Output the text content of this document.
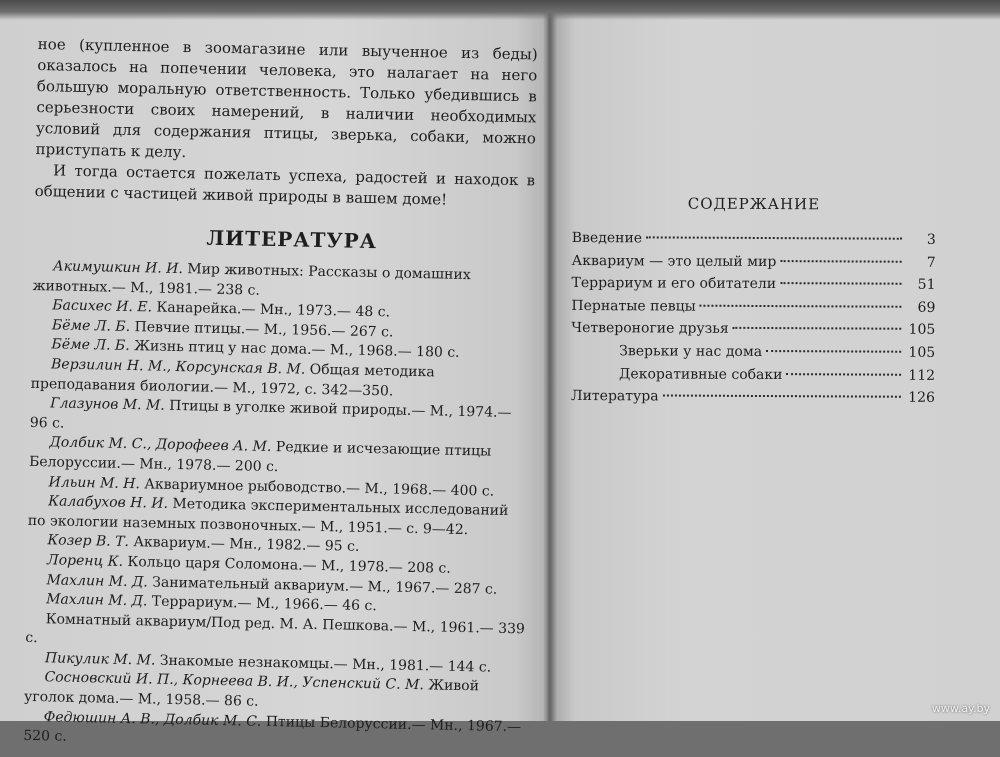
ное (купленное в зоомагазине или выученное из беды) оказалось на попечении человека, это налагает на него большую моральную ответственность. Только убедившись в серьезности своих намерений, в наличии необходимых условий для содержания птицы, зверька, собаки, можно приступать к делу.

И тогда остается пожелать успеха, радостей и находок в общении с частицей живой природы в вашем доме!

ЛИТЕРАТУРА
Акимушкин И. И. Мир животных: Рассказы о домашних животных.— М., 1981.— 238 с.
Басихес И. Е. Канарейка.— Мн., 1973.— 48 с.
Бёме Л. Б. Певчие птицы.— М., 1956.— 267 с.
Бёме Л. Б. Жизнь птиц у нас дома.— М., 1968.— 180 с.
Верзилин Н. М., Корсунская В. М. Общая методика преподавания биологии.— М., 1972, с. 342—350.
Глазунов М. М. Птицы в уголке живой природы.— М., 1974.— 96 с.
Долбик М. С., Дорофеев А. М. Редкие и исчезающие птицы Белоруссии.— Мн., 1978.— 200 с.
Ильин М. Н. Аквариумное рыбоводство.— М., 1968.— 400 с.
Калабухов Н. И. Методика экспериментальных исследований по экологии наземных позвоночных.— М., 1951.— с. 9—42.
Козер В. Т. Аквариум.— Мн., 1982.— 95 с.
Лоренц К. Кольцо царя Соломона.— М., 1978.— 208 с.
Махлин М. Д. Занимательный аквариум.— М., 1967.— 287 с.
Махлин М. Д. Террариум.— М., 1966.— 46 с.
Комнатный аквариум/Под ред. М. А. Пешкова.— М., 1961.— 339 с.
Пикулик М. М. Знакомые незнакомцы.— Мн., 1981.— 144 с.
Сосновский И. П., Корнеева В. И., Успенский С. М. Живой уголок дома.— М., 1958.— 86 с.
Федюшин А. В., Долбик М. С. Птицы Белоруссии.— Мн., 1967.— 520 с.
СОДЕРЖАНИЕ
Введение	3
Аквариум — это целый мир	7
Террариум и его обитатели	51
Пернатые певцы	69
Четвероногие друзья	105
Зверьки у нас дома	105
Декоративные собаки	112
Литература	126
www.ay.by
